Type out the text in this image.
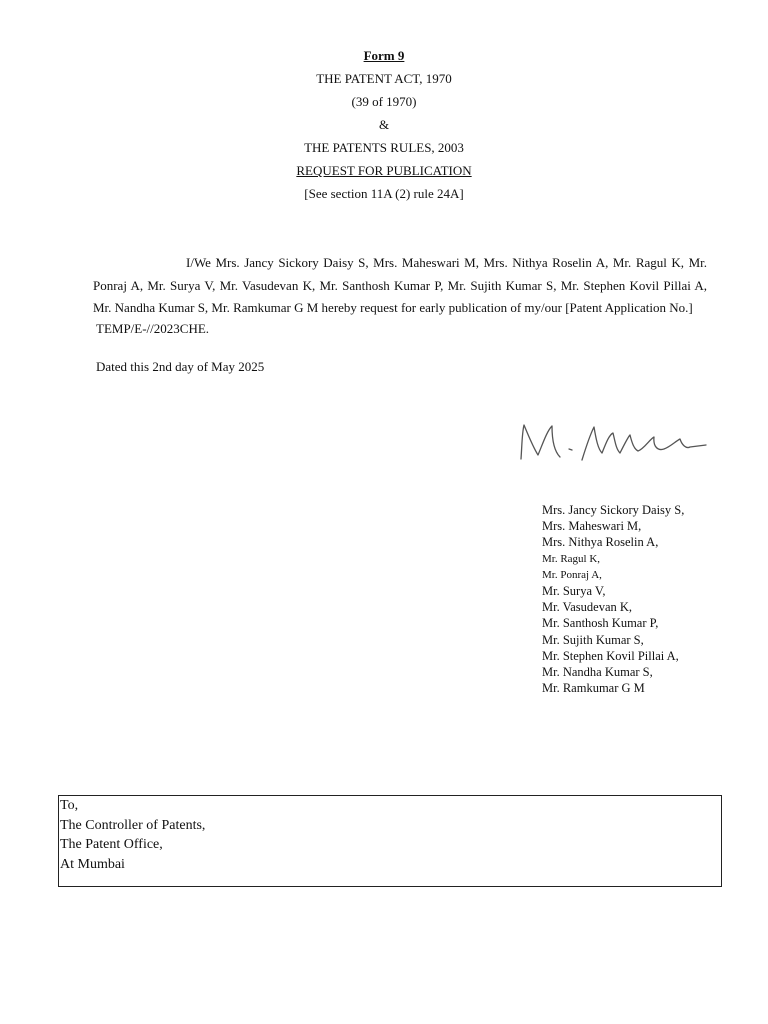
Form 9
THE PATENT ACT, 1970
(39 of 1970)
&
THE PATENTS RULES, 2003
REQUEST FOR PUBLICATION
[See section 11A (2) rule 24A]
I/We Mrs. Jancy Sickory Daisy S, Mrs. Maheswari M, Mrs. Nithya Roselin A, Mr. Ragul K, Mr. Ponraj A, Mr. Surya V, Mr. Vasudevan K, Mr. Santhosh Kumar P, Mr. Sujith Kumar S, Mr. Stephen Kovil Pillai A, Mr. Nandha Kumar S, Mr. Ramkumar G M hereby request for early publication of my/our [Patent Application No.]
TEMP/E-//2023CHE.
Dated this 2nd day of May 2025
Mrs. Jancy Sickory Daisy S,
Mrs. Maheswari M,
Mrs. Nithya Roselin A,
Mr. Ragul K,
Mr. Ponraj A,
Mr. Surya V,
Mr. Vasudevan K,
Mr. Santhosh Kumar P,
Mr. Sujith Kumar S,
Mr. Stephen Kovil Pillai A,
Mr. Nandha Kumar S,
Mr. Ramkumar G M
To,
The Controller of Patents,
The Patent Office,
At Mumbai
